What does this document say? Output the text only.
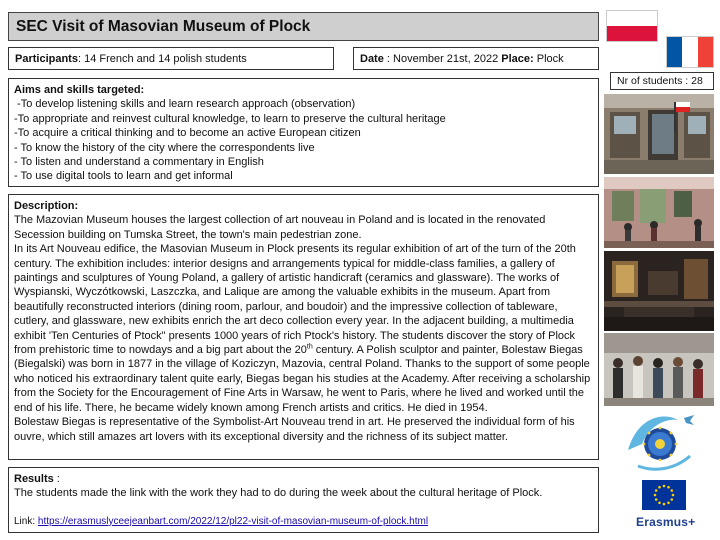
SEC Visit of Masovian Museum of Plock
Participants: 14 French and 14 polish students	Date : November 21st, 2022 Place: Plock
Aims and skills targeted:
-To develop listening skills and learn research approach (observation)
-To appropriate and reinvest cultural knowledge, to learn to preserve the cultural heritage
-To acquire a critical thinking and to become an active European citizen
- To know the history of the city where the correspondents live
- To listen and understand a commentary in English
- To use digital tools to learn and get informal
Description:
The Mazovian Museum houses the largest collection of art nouveau in Poland and is located in the renovated Secession building on Tumska Street, the town's main pedestrian zone.
In its Art Nouveau edifice, the Masovian Museum in Plock presents its regular exhibition of art of the turn of the 20th century. The exhibition includes: interior designs and arrangements typical for middle-class families, a gallery of paintings and sculptures of Young Poland, a gallery of artistic handicraft (ceramics and glassware). The works of Wyspianski, Wyczótkowski, Laszczka, and Lalique are among the valuable exhibits in the museum. Apart from beautifully reconstructed interiors (dining room, parlour, and boudoir) and the impressive collection of tableware, cutlery, and glassware, new exhibits enrich the art deco collection every year. In the adjacent building, a multimedia exhibit 'Ten Centuries of Ptock" presents 1000 years of rich Ptock's history. The students discover the story of Plock from prehistoric time to nowdays and a big part about the 20th century. A Polish sculptor and painter, Bolestaw Biegas (Biegalski) was born in 1877 in the village of Koziczyn, Mazovia, central Poland. Thanks to the support of some people who noticed his extraordinary talent quite early, Biegas began his studies at the Academy. After receiving a scholarship from the Society for the Encouragement of Fine Arts in Warsaw, he went to Paris, where he lived and worked until the end of his life. There, he became widely known among French artists and critics. He died in 1954.
Bolestaw Biegas is representative of the Symbolist-Art Nouveau trend in art. He preserved the individual form of his ouvre, which still amazes art lovers with its exceptional diversity and the richness of its subject matter.
Results :
The students made the link with the work they had to do during the week about the cultural heritage of Plock.
Link: https://erasmuslyceejeanbart.com/2022/12/pl22-visit-of-masovian-museum-of-plock.html
Nr of students : 28
Erasmus+
